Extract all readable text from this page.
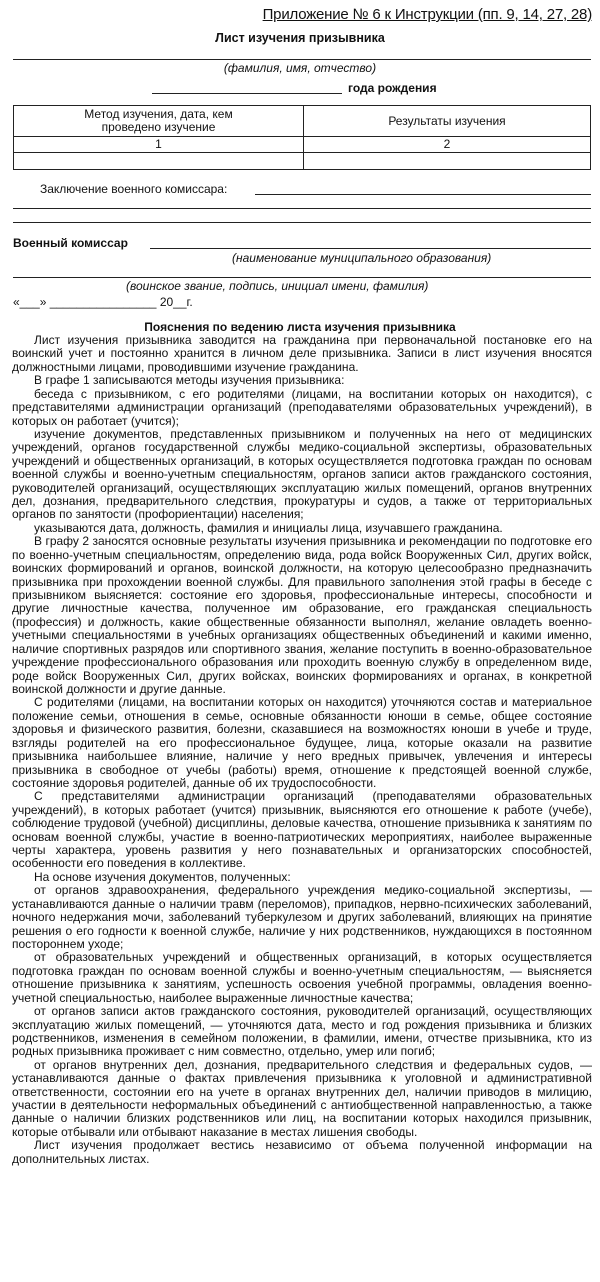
Приложение № 6 к Инструкции (пп. 9, 14, 27, 28)
Лист изучения призывника
(фамилия, имя, отчество)
года рождения
Метод изучения, дата, кем проведено изучение	Результаты изучения
1	2

Заключение военного комиссара:
Военный комиссар
(наименование муниципального образования)
(воинское звание, подпись, инициал имени, фамилия)
«___» ________________ 20__г.
Пояснения по ведению листа изучения призывника

Лист изучения призывника заводится на гражданина при первоначальной постановке его на воинский учет и постоянно хранится в личном деле призывника. Записи в лист изучения вносятся должностными лицами, проводившими изучение гражданина.

В графе 1 записываются методы изучения призывника:

беседа с призывником, с его родителями (лицами, на воспитании которых он находится), с представителями администрации организаций (преподавателями образовательных учреждений), в которых он работает (учится);

изучение документов, представленных призывником и полученных на него от медицинских учреждений, органов государственной службы медико-социальной экспертизы, образовательных учреждений и общественных организаций, в которых осуществляется подготовка граждан по основам военной службы и военно-учетным специальностям, органов записи актов гражданского состояния, руководителей организаций, осуществляющих эксплуатацию жилых помещений, органов внутренних дел, дознания, предварительного следствия, прокуратуры и судов, а также от территориальных органов по занятости (профориентации) населения;

указываются дата, должность, фамилия и инициалы лица, изучавшего гражданина.

В графу 2 заносятся основные результаты изучения призывника и рекомендации по подготовке его по военно-учетным специальностям, определению вида, рода войск Вооруженных Сил, других войск, воинских формирований и органов, воинской должности, на которую целесообразно предназначить призывника при прохождении военной службы. Для правильного заполнения этой графы в беседе с призывником выясняется: состояние его здоровья, профессиональные интересы, способности и другие личностные качества, полученное им образование, его гражданская специальность (профессия) и должность, какие общественные обязанности выполнял, желание овладеть военно-учетными специальностями в учебных организациях общественных объединений и какими именно, наличие спортивных разрядов или спортивного звания, желание поступить в военно-образовательное учреждение профессионального образования или проходить военную службу в определенном виде, роде войск Вооруженных Сил, других войсках, воинских формированиях и органах, в конкретной воинской должности и другие данные.

С родителями (лицами, на воспитании которых он находится) уточняются состав и материальное положение семьи, отношения в семье, основные обязанности юноши в семье, общее состояние здоровья и физического развития, болезни, сказавшиеся на возможностях юноши в учебе и труде, взгляды родителей на его профессиональное будущее, лица, которые оказали на развитие призывника наибольшее влияние, наличие у него вредных привычек, увлечения и интересы призывника в свободное от учебы (работы) время, отношение к предстоящей военной службе, состояние здоровья родителей, данные об их трудоспособности.

С представителями администрации организаций (преподавателями образовательных учреждений), в которых работает (учится) призывник, выясняются его отношение к работе (учебе), соблюдение трудовой (учебной) дисциплины, деловые качества, отношение призывника к занятиям по основам военной службы, участие в военно-патриотических мероприятиях, наиболее выраженные черты характера, уровень развития у него познавательных и организаторских способностей, особенности его поведения в коллективе.

На основе изучения документов, полученных:

от органов здравоохранения, федерального учреждения медико-социальной экспертизы, — устанавливаются данные о наличии травм (переломов), припадков, нервно-психических заболеваний, ночного недержания мочи, заболеваний туберкулезом и других заболеваний, влияющих на принятие решения о его годности к военной службе, наличие у них родственников, нуждающихся в постоянном постороннем уходе;

от образовательных учреждений и общественных организаций, в которых осуществляется подготовка граждан по основам военной службы и военно-учетным специальностям, — выясняется отношение призывника к занятиям, успешность освоения учебной программы, овладения военно-учетной специальностью, наиболее выраженные личностные качества;

от органов записи актов гражданского состояния, руководителей организаций, осуществляющих эксплуатацию жилых помещений, — уточняются дата, место и год рождения призывника и близких родственников, изменения в семейном положении, в фамилии, имени, отчестве призывника, кто из родных призывника проживает с ним совместно, отдельно, умер или погиб;

от органов внутренних дел, дознания, предварительного следствия и федеральных судов, — устанавливаются данные о фактах привлечения призывника к уголовной и административной ответственности, состоянии его на учете в органах внутренних дел, наличии приводов в милицию, участии в деятельности неформальных объединений с антиобщественной направленностью, а также данные о наличии близких родственников или лиц, на воспитании которых находился призывник, которые отбывали или отбывают наказание в местах лишения свободы.

Лист изучения продолжает вестись независимо от объема полученной информации на дополнительных листах.
